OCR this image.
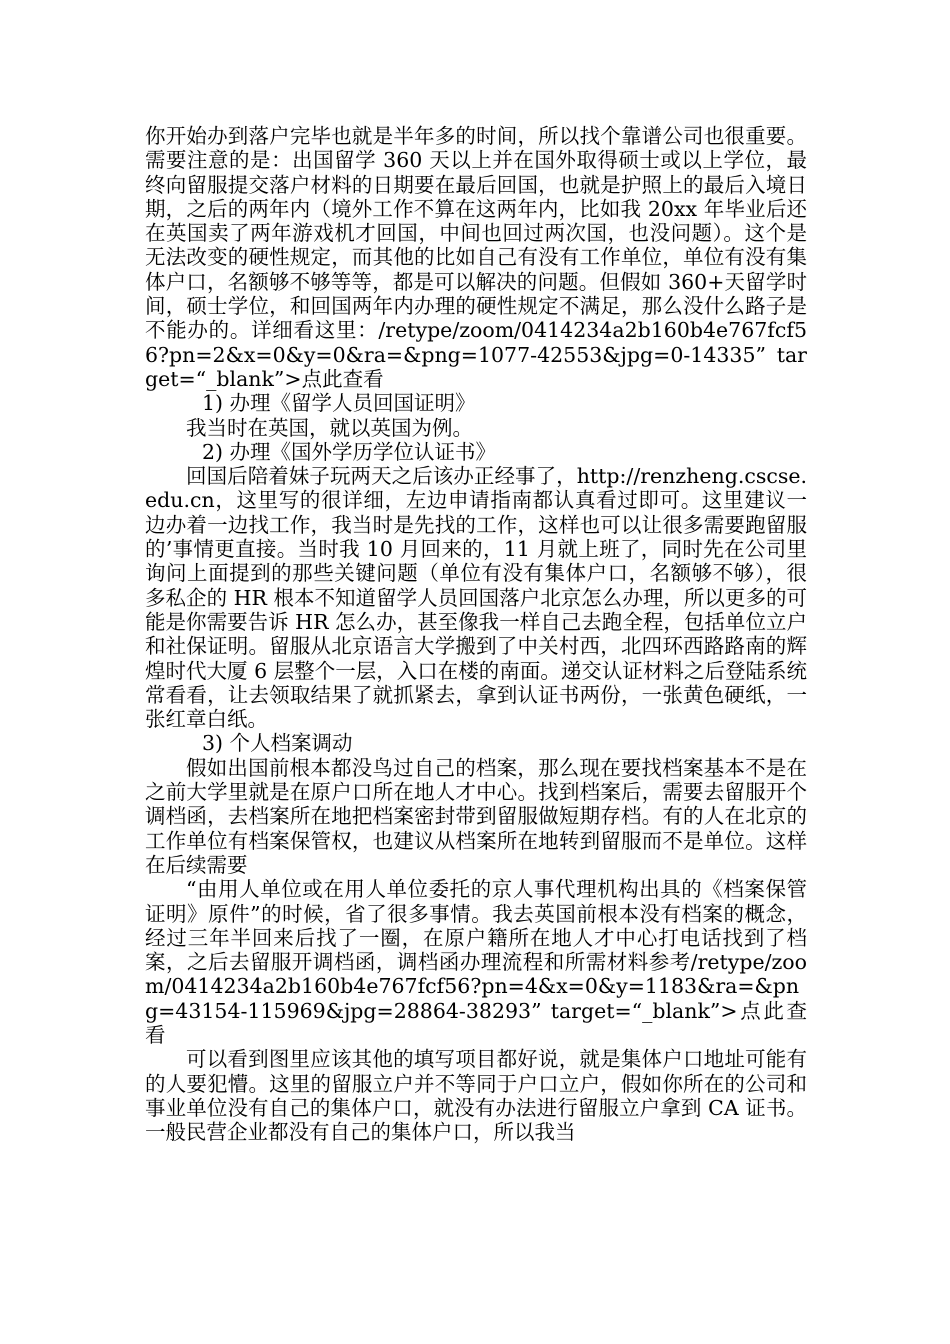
你开始办到落户完毕也就是半年多的时间，所以找个靠谱公司也很重要。 需要注意的是：出国留学 360 天以上并在国外取得硕士或以上学位，最终向留服提交落户材料的日期要在最后回国，也就是护照上的最后入境日期，之后的两年内（境外工作不算在这两年内，比如我 20xx 年毕业后还在英国卖了两年游戏机才回国，中间也回过两次国，也没问题）。这个是无法改变的硬性规定，而其他的比如自己有没有工作单位，单位有没有集体户口，名额够不够等等，都是可以解决的问题。但假如 360+天留学时间，硕士学位，和回国两年内办理的硬性规定不满足，那么没什么路子是不能办的。详细看这里：/retype/zoom/0414234a2b160b4e767fcf56?pn=2&x=0&y=0&ra=&png=1077-42553&jpg=0-14335” target=“_blank”>点此查看

1) 办理《留学人员回国证明》

我当时在英国，就以英国为例。

2) 办理《国外学历学位认证书》

回国后陪着妹子玩两天之后该办正经事了，http://renzheng.cscse.edu.cn，这里写的很详细，左边申请指南都认真看过即可。这里建议一边办着一边找工作，我当时是先找的工作，这样也可以让很多需要跑留服的’事情更直接。当时我 10 月回来的，11 月就上班了，同时先在公司里询问上面提到的那些关键问题（单位有没有集体户口，名额够不够），很多私企的 HR 根本不知道留学人员回国落户北京怎么办理，所以更多的可能是你需要告诉 HR 怎么办，甚至像我一样自己去跑全程，包括单位立户和社保证明。留服从北京语言大学搬到了中关村西，北四环西路路南的辉煌时代大厦 6 层整个一层，入口在楼的南面。递交认证材料之后登陆系统常看看，让去领取结果了就抓紧去，拿到认证书两份，一张黄色硬纸，一张红章白纸。

3) 个人档案调动

假如出国前根本都没鸟过自己的档案，那么现在要找档案基本不是在之前大学里就是在原户口所在地人才中心。找到档案后，需要去留服开个调档函，去档案所在地把档案密封带到留服做短期存档。有的人在北京的工作单位有档案保管权，也建议从档案所在地转到留服而不是单位。这样在后续需要

“由用人单位或在用人单位委托的京人事代理机构出具的《档案保管证明》原件”的时候，省了很多事情。我去英国前根本没有档案的概念，经过三年半回来后找了一圈，在原户籍所在地人才中心打电话找到了档案，之后去留服开调档函，调档函办理流程和所需材料参考/retype/zoom/0414234a2b160b4e767fcf56?pn=4&x=0&y=1183&ra=&png=43154-115969&jpg=28864-38293” target=“_blank”>点此查看

可以看到图里应该其他的填写项目都好说，就是集体户口地址可能有的人要犯懵。这里的留服立户并不等同于户口立户，假如你所在的公司和事业单位没有自己的集体户口，就没有办法进行留服立户拿到 CA 证书。一般民营企业都没有自己的集体户口，所以我当
